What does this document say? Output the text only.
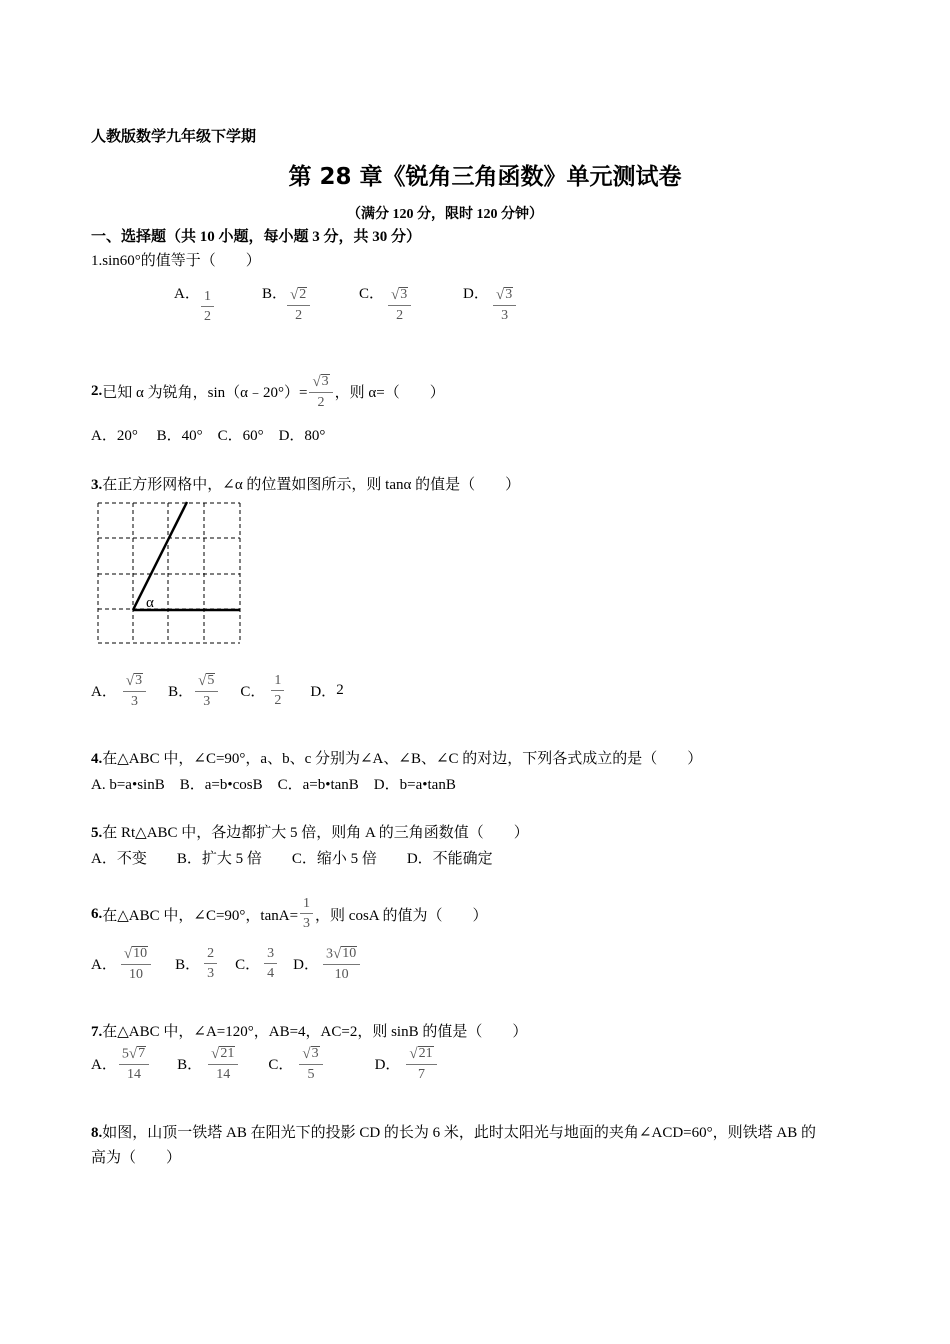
人教版数学九年级下学期
第 28 章《锐角三角函数》单元测试卷
（满分 120 分，限时 120 分钟）
一、选择题（共 10 小题，每小题 3 分，共 30 分）
1.sin60°的值等于（　　）
A． $\frac{1}{2}$	B． $\frac{√ 2}{2}$	C． $\frac{√ 3}{2}$	D． $\frac{√ 3}{3}$
2. 已知 α 为锐角，sin（α﹣20°）= $\frac{√ 3}{2}$ ，则 α=（　　）
A．20°　 B．40°　C．60°　D．80°
3.在正方形网格中，∠α 的位置如图所示，则 tanα 的值是（　　）
α
A． $\frac{√ 3}{3}$ B． $\frac{√ 5}{3}$ C． $\frac{1}{2}$ D． 2
4.在△ABC 中，∠C=90°，a、b、c 分别为∠A、∠B、∠C 的对边，下列各式成立的是（　　）
A. b=a•sinB　B．a=b•cosB　C．a=b•tanB　D．b=a•tanB
5.在 Rt△ABC 中，各边都扩大 5 倍，则角 A 的三角函数值（　　）
A．不变　　B．扩大 5 倍　　C．缩小 5 倍　　D．不能确定
6. 在△ABC 中，∠C=90°，$\tan A= \frac{1}{3}$ ，则 cosA 的值为（　　）
A． $\frac{√ 10}{10}$ B． $\frac{2}{3}$ C． $\frac{3}{4}$ D． $\frac{3 √ 10}{10}$
7.在△ABC 中，∠A=120°，AB=4，AC=2，则 sinB 的值是（　　）
A． $\frac{5 √ 7}{14}$ B． $\frac{√ 21}{14}$ C． $\frac{√ 3}{5}$	D． $\frac{√ 21}{7}$
8.如图，山顶一铁塔 AB 在阳光下的投影 CD 的长为 6 米，此时太阳光与地面的夹角∠ACD=60°，则铁塔 AB 的
高为（　　）
